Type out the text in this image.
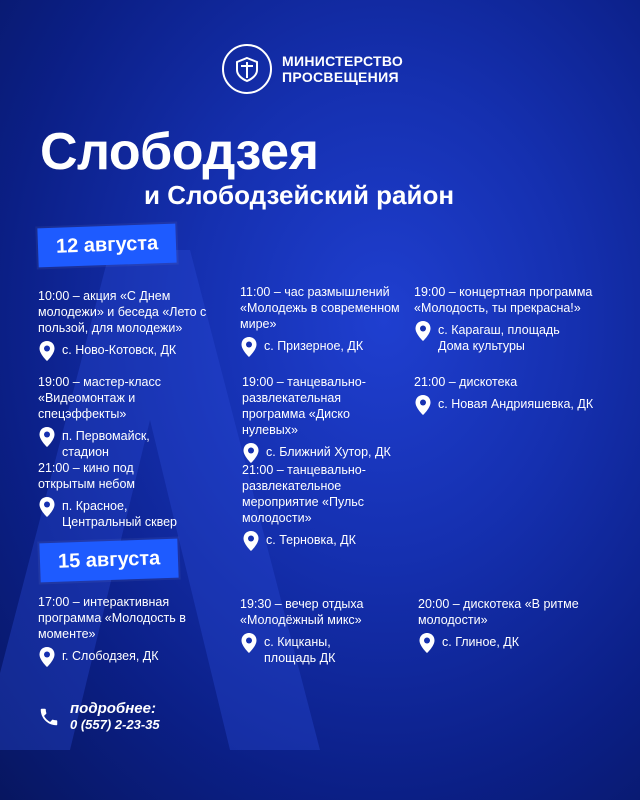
МИНИСТЕРСТВО
ПРОСВЕЩЕНИЯ
Слободзея
и Слободзейский район
12 августа
15 августа

10:00 – акция «С Днем молодежи» и беседа «Лето с пользой, для молодежи»

с. Ново-Котовск, ДК

11:00 – час размышлений «Молодежь в современном мире»

с. Призерное, ДК

19:00 – концертная программа «Молодость, ты прекрасна!»

с. Карагаш, площадь Дома культуры

19:00 – мастер-класс «Видеомонтаж и спецэффекты»

п. Первомайск, стадион

19:00 – танцевально-развлекательная программа «Диско нулевых»

с. Ближний Хутор, ДК

21:00 – дискотека

с. Новая Андрияшевка, ДК

21:00 – кино под открытым небом

п. Красное, Центральный сквер

21:00 – танцевально-развлекательное мероприятие «Пульс молодости»

с. Терновка, ДК

17:00 – интерактивная программа «Молодость в моменте»

г. Слободзея, ДК

19:30 – вечер отдыха «Молодёжный микс»

с. Кицканы, площадь ДК

20:00 – дискотека «В ритме молодости»

с. Глиное, ДК
подробнее:
0 (557) 2-23-35
